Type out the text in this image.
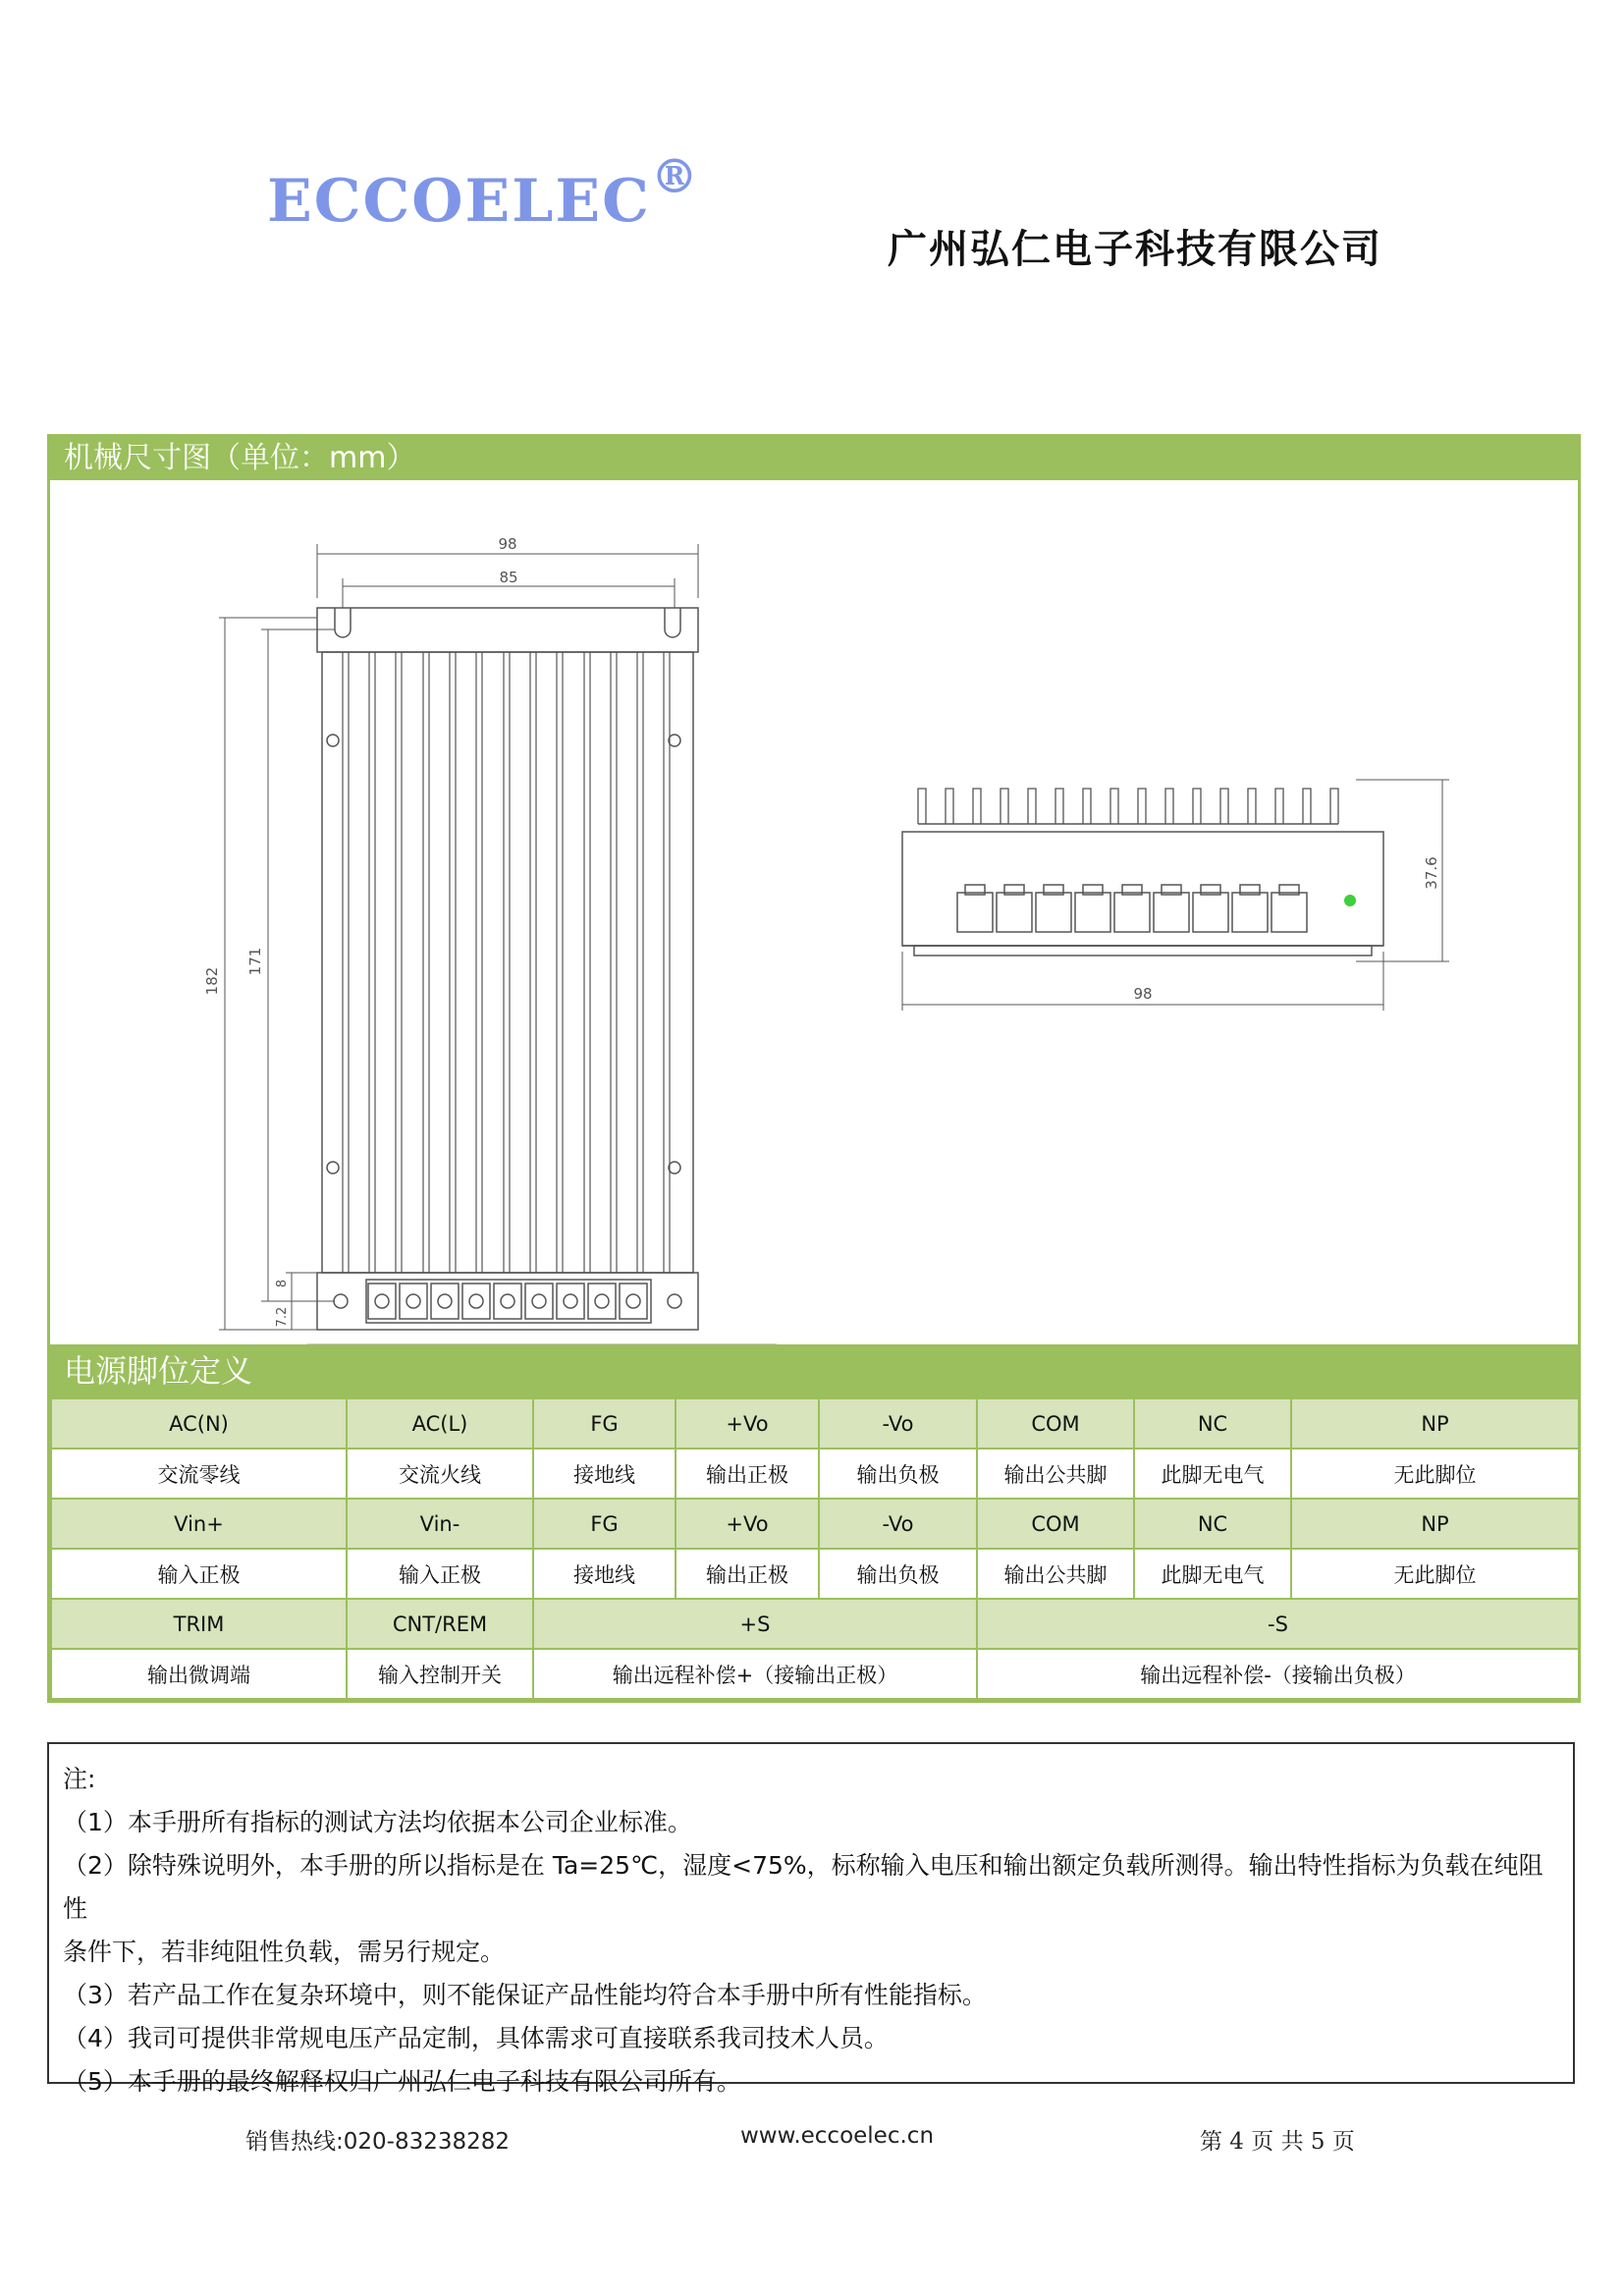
ECCOELEC®
广州弘仁电子科技有限公司
机械尺寸图（单位：mm）
98
85
182
171
8
7.2
37.6
98
电源脚位定义
AC(N)	AC(L)	FG	+Vo	-Vo	COM	NC	NP
交流零线	交流火线	接地线	输出正极	输出负极	输出公共脚	此脚无电气	无此脚位
Vin+	Vin-	FG	+Vo	-Vo	COM	NC	NP
输入正极	输入正极	接地线	输出正极	输出负极	输出公共脚	此脚无电气	无此脚位
TRIM	CNT/REM	+S			-S		
输出微调端	输入控制开关	输出远程补偿+（接输出正极）			输出远程补偿-（接输出负极）		

注:

（1）本手册所有指标的测试方法均依据本公司企业标准。

（2）除特殊说明外，本手册的所以指标是在 Ta=25℃，湿度<75%，标称输入电压和输出额定负载所测得。输出特性指标为负载在纯阻性

条件下，若非纯阻性负载，需另行规定。

（3）若产品工作在复杂环境中，则不能保证产品性能均符合本手册中所有性能指标。

（4）我司可提供非常规电压产品定制，具体需求可直接联系我司技术人员。

（5）本手册的最终解释权归广州弘仁电子科技有限公司所有。

销售热线:020-83238282	www.eccoelec.cn	第 4 页 共 5 页
